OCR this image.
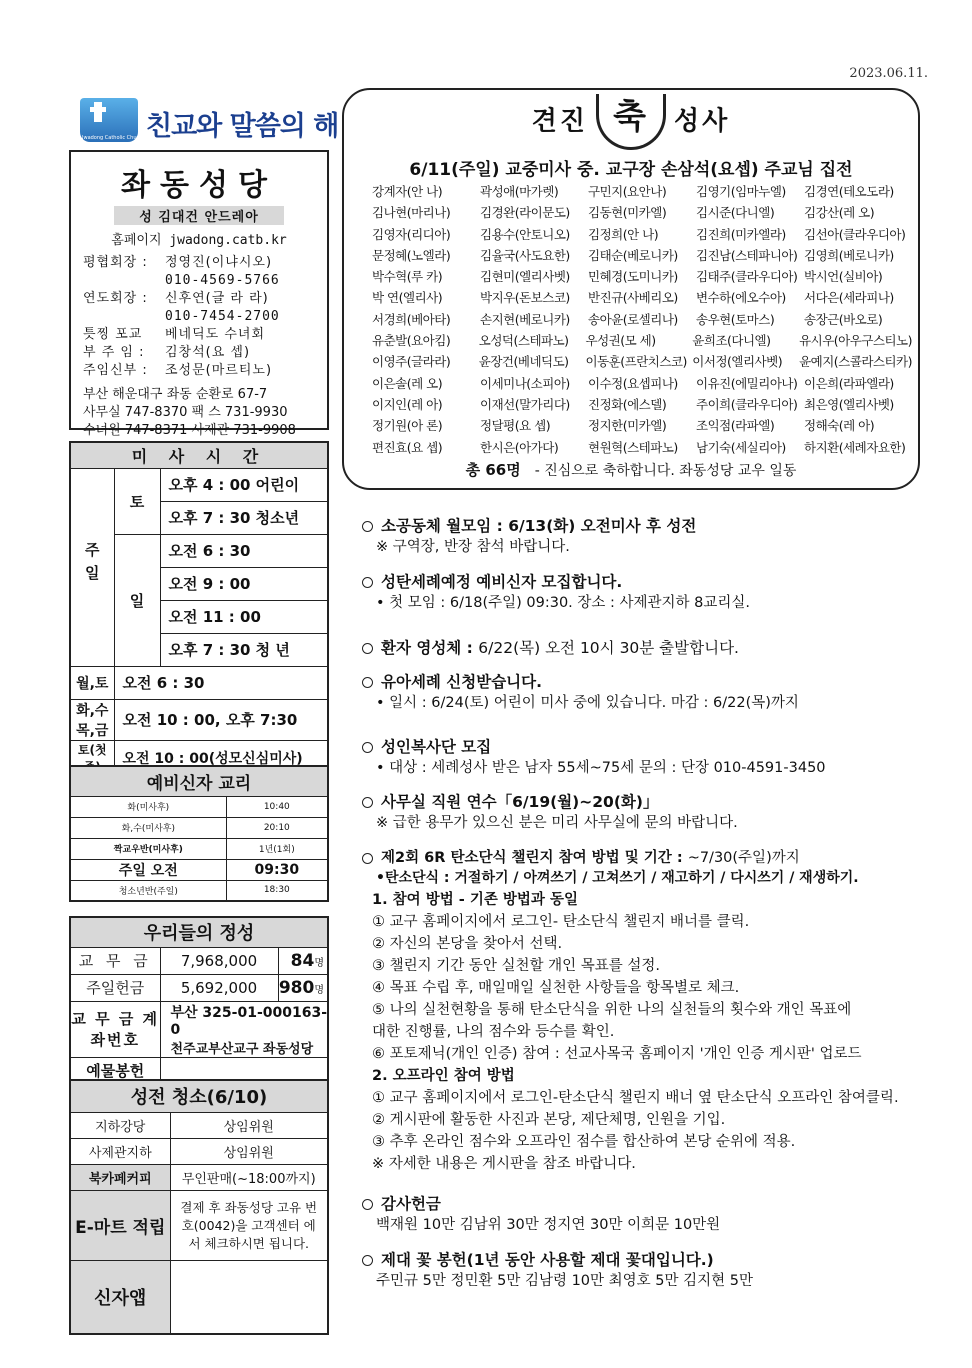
2023.06.11.
Jwadong Catholic Church 친교와 말씀의 해
좌동성당
성 김대건 안드레아
홈페이지 jwadong.catb.kr
평협회장 :	정영진(이냐시오)
010-4569-5766
연도회장 :	신후연(글 라 라)
010-7454-2700
틋찡 포교	베네딕도 수녀회
부 주 임 :	김창석(요 셉)
주임신부 :	조성문(마르티노)
부산 해운대구 좌동 순환로 67-7
사무실 747-8370 팩 스 731-9930
수녀원 747-8371 사제관 731-9908
미 사 시 간		
주일	토	오후 4 : 00 어린이
		오후 7 : 30 청소년
	일	오전 6 : 30
		오전 9 : 00
		오전 11 : 00
		오후 7 : 30 청 년
월,토	오전 6 : 30	
화,수 목,금	오전 10 : 00, 오후 7:30	
토(첫	오전 10 : 00(성모신심미사)	
예비신자 교리	
화(미사후)	10:40
화,수(미사후)	20:10
짝교우반(미사후)	1년(1회)
주일 오전	09:30
청소년반(주일)	18:30
우리들의 정성		
교 무 금	7,968,000	84명
주일헌금	5,692,000	980명
교 무 금 계좌번호	부산 325-01-000163-0
천주교부산교구 좌동성당	

예물봉헌		
성전 청소(6/10)	
지하강당	상임위원
사제관지하	상임위원
북카페커피	무인판매(~18:00까지)
E-마트 적립	결제 후 좌동성당 고유 번호(0042)을 고객센터 에서 체크하시면 됩니다.
신자앱	
견진 축 성사
6/11(주일) 교중미사 중. 교구장 손삼석(요셉) 주교님 집전
강계자(안 나)	곽성애(마가렛)	구민지(요안나)	김영기(임마누엘)	김경연(테오도라)
김나현(마리나)	김경완(라이문도)	김동현(미카엘)	김시준(다니엘)	김강산(레 오)
김영자(리디아)	김용수(안토니오)	김정희(안 나)	김진희(미카엘라)	김선아(클라우디아)
문정혜(노엘라)	김율국(사도요한)	김태순(베로니카)	김진남(스테파니아) 김영희(베로니카)
박수혁(루 카)	김현미(엘리사벳)	민혜경(도미니카)	김태주(클라우디아) 박시언(실비아)
박 연(엘리사)	박지우(돈보스코)	반진규(사베리오)	변수하(에오수아)	서다은(세라피나)
서경희(베아타)	손지현(베로니카)	송아윤(로셀리나)	송우현(토마스)	송장근(바오로)
유춘발(요아킴)	오성덕(스테파노)	우성권(모 세)	윤희조(다니엘)	유시우(아우구스티노)
이영주(글라라)	윤장건(베네딕도)	이동훈(프란치스코) 이서정(엘리사벳)	윤예지(스콜라스티카)
이은솔(레 오)	이세미나(소피아)	이수정(요셉피나)	이유진(에밀리아나) 이은희(라파엘라)
이지인(레 아)	이재선(말가리다)	진정화(에스델)	주이희(클라우디아) 최은영(엘리사벳)
정기원(아 론)	정달평(요 셉)	정지한(미카엘)	조익점(라파엘)	정해숙(레 아)
편진효(요 셉)	한시은(아가다)	현원혁(스테파노)	남기숙(세실리아)	하지환(세례자요한)
총 66명 - 진심으로 축하합니다. 좌동성당 교우 일동
소공동체 월모임 : 6/13(화) 오전미사 후 성전
※ 구역장, 반장 참석 바랍니다.
성탄세례예정 예비신자 모집합니다.
• 첫 모임 : 6/18(주일) 09:30. 장소 : 사제관지하 8교리실.
환자 영성체 : 6/22(목) 오전 10시 30분 출발합니다.
유아세례 신청받습니다.
• 일시 : 6/24(토) 어린이 미사 중에 있습니다. 마감 : 6/22(목)까지
성인복사단 모집
• 대상 : 세례성사 받은 남자 55세~75세 문의 : 단장 010-4591-3450
사무실 직원 연수「6/19(월)~20(화)」
※ 급한 용무가 있으신 분은 미리 사무실에 문의 바랍니다.
제2회 6R 탄소단식 챌린지 참여 방법 및 기간 : ~7/30(주일)까지
•탄소단식 : 거절하기 / 아껴쓰기 / 고쳐쓰기 / 재고하기 / 다시쓰기 / 재생하기.
1. 참여 방법 - 기존 방법과 동일
① 교구 홈페이지에서 로그인- 탄소단식 챌린지 배너를 클릭.
② 자신의 본당을 찾아서 선택.
③ 챌린지 기간 동안 실천할 개인 목표를 설정.
④ 목표 수립 후, 매일매일 실천한 사항들을 항목별로 체크.
⑤ 나의 실천현황을 통해 탄소단식을 위한 나의 실천들의 횟수와 개인 목표에
대한 진행률, 나의 점수와 등수를 확인.
⑥ 포토제닉(개인 인증) 참여 : 선교사목국 홈페이지 '개인 인증 게시판' 업로드
2. 오프라인 참여 방법
① 교구 홈페이지에서 로그인-탄소단식 챌린지 배너 옆 탄소단식 오프라인 참여클릭.
② 게시판에 활동한 사진과 본당, 제단체명, 인원을 기입.
③ 추후 온라인 점수와 오프라인 점수를 합산하여 본당 순위에 적용.
※ 자세한 내용은 게시판을 참조 바랍니다.
감사헌금
백재원 10만 김남위 30만 정지연 30만 이희문 10만원
제대 꽃 봉헌(1년 동안 사용할 제대 꽃대입니다.)
주민규 5만 정민환 5만 김남령 10만 최영호 5만 김지현 5만
